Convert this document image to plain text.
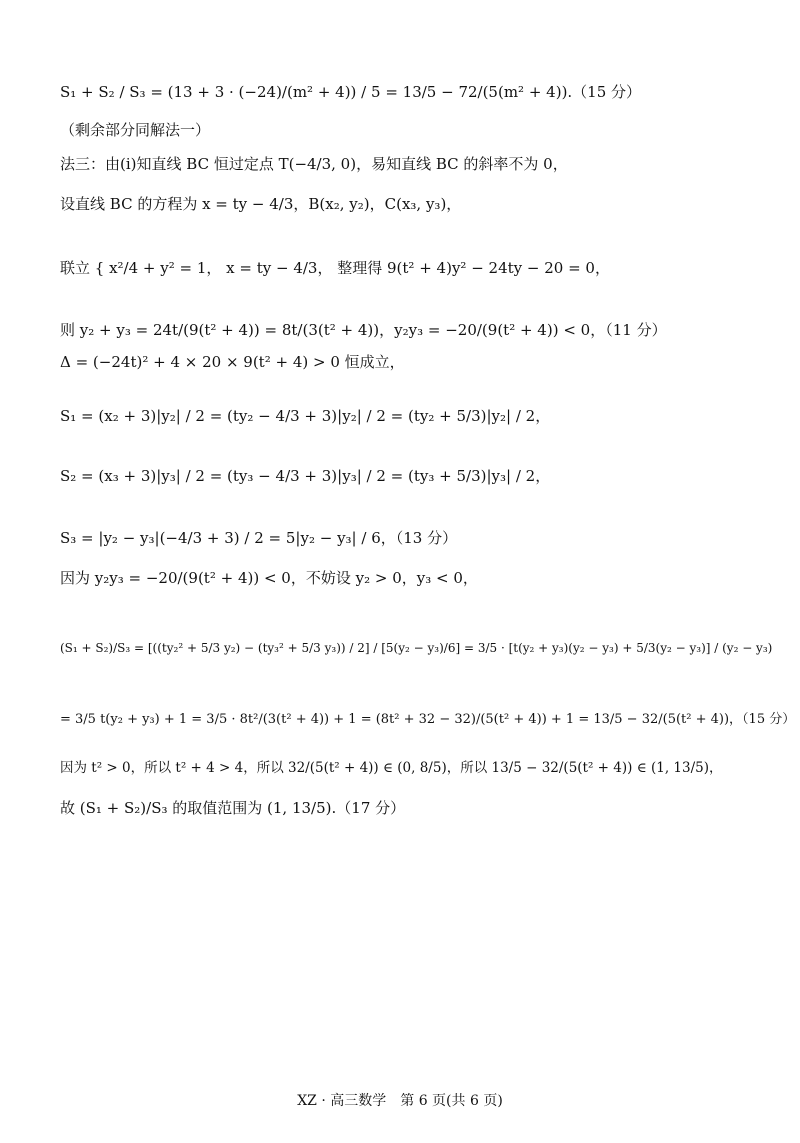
S₁ + S₂ / S₃ = (13 + 3 · (−24)/(m² + 4)) / 5 = 13/5 − 72/(5(m² + 4)).（15 分）
（剩余部分同解法一）
法三：由(i)知直线 BC 恒过定点 T(−4/3, 0)，易知直线 BC 的斜率不为 0，
设直线 BC 的方程为 x = ty − 4/3，B(x₂, y₂)，C(x₃, y₃)，
联立 { x²/4 + y² = 1， x = ty − 4/3， 整理得 9(t² + 4)y² − 24ty − 20 = 0，
则 y₂ + y₃ = 24t/(9(t² + 4)) = 8t/(3(t² + 4))，y₂y₃ = −20/(9(t² + 4)) < 0，（11 分）
Δ = (−24t)² + 4 × 20 × 9(t² + 4) > 0 恒成立，
S₁ = (x₂ + 3)|y₂| / 2 = (ty₂ − 4/3 + 3)|y₂| / 2 = (ty₂ + 5/3)|y₂| / 2，
S₂ = (x₃ + 3)|y₃| / 2 = (ty₃ − 4/3 + 3)|y₃| / 2 = (ty₃ + 5/3)|y₃| / 2，
S₃ = |y₂ − y₃|(−4/3 + 3) / 2 = 5|y₂ − y₃| / 6，（13 分）
因为 y₂y₃ = −20/(9(t² + 4)) < 0，不妨设 y₂ > 0，y₃ < 0，
(S₁ + S₂)/S₃ = [((ty₂² + 5/3 y₂) − (ty₃² + 5/3 y₃)) / 2] / [5(y₂ − y₃)/6] = 3/5 · [t(y₂ + y₃)(y₂ − y₃) + 5/3(y₂ − y₃)] / (y₂ − y₃)
= 3/5 t(y₂ + y₃) + 1 = 3/5 · 8t²/(3(t² + 4)) + 1 = (8t² + 32 − 32)/(5(t² + 4)) + 1 = 13/5 − 32/(5(t² + 4))，（15 分）
因为 t² > 0，所以 t² + 4 > 4，所以 32/(5(t² + 4)) ∈ (0, 8/5)，所以 13/5 − 32/(5(t² + 4)) ∈ (1, 13/5)，
故 (S₁ + S₂)/S₃ 的取值范围为 (1, 13/5).（17 分）
XZ · 高三数学　第 6 页(共 6 页)
